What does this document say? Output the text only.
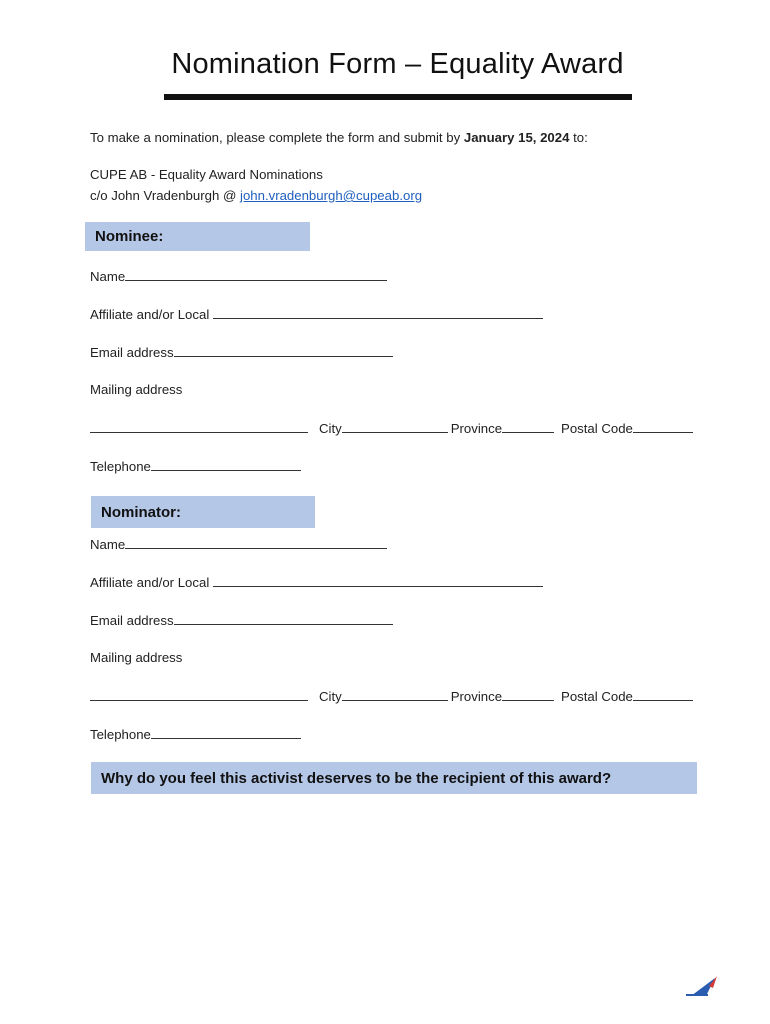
Nomination Form – Equality Award
To make a nomination, please complete the form and submit by January 15, 2024 to:
CUPE AB - Equality Award Nominations
c/o John Vradenburgh @ john.vradenburgh@cupeab.org
Nominee:
Name
Affiliate and/or Local
Email address
Mailing address
City	Province	Postal Code
Telephone
Nominator:
Name
Affiliate and/or Local
Email address
Mailing address
City	Province	Postal Code
Telephone
Why do you feel this activist deserves to be the recipient of this award?
